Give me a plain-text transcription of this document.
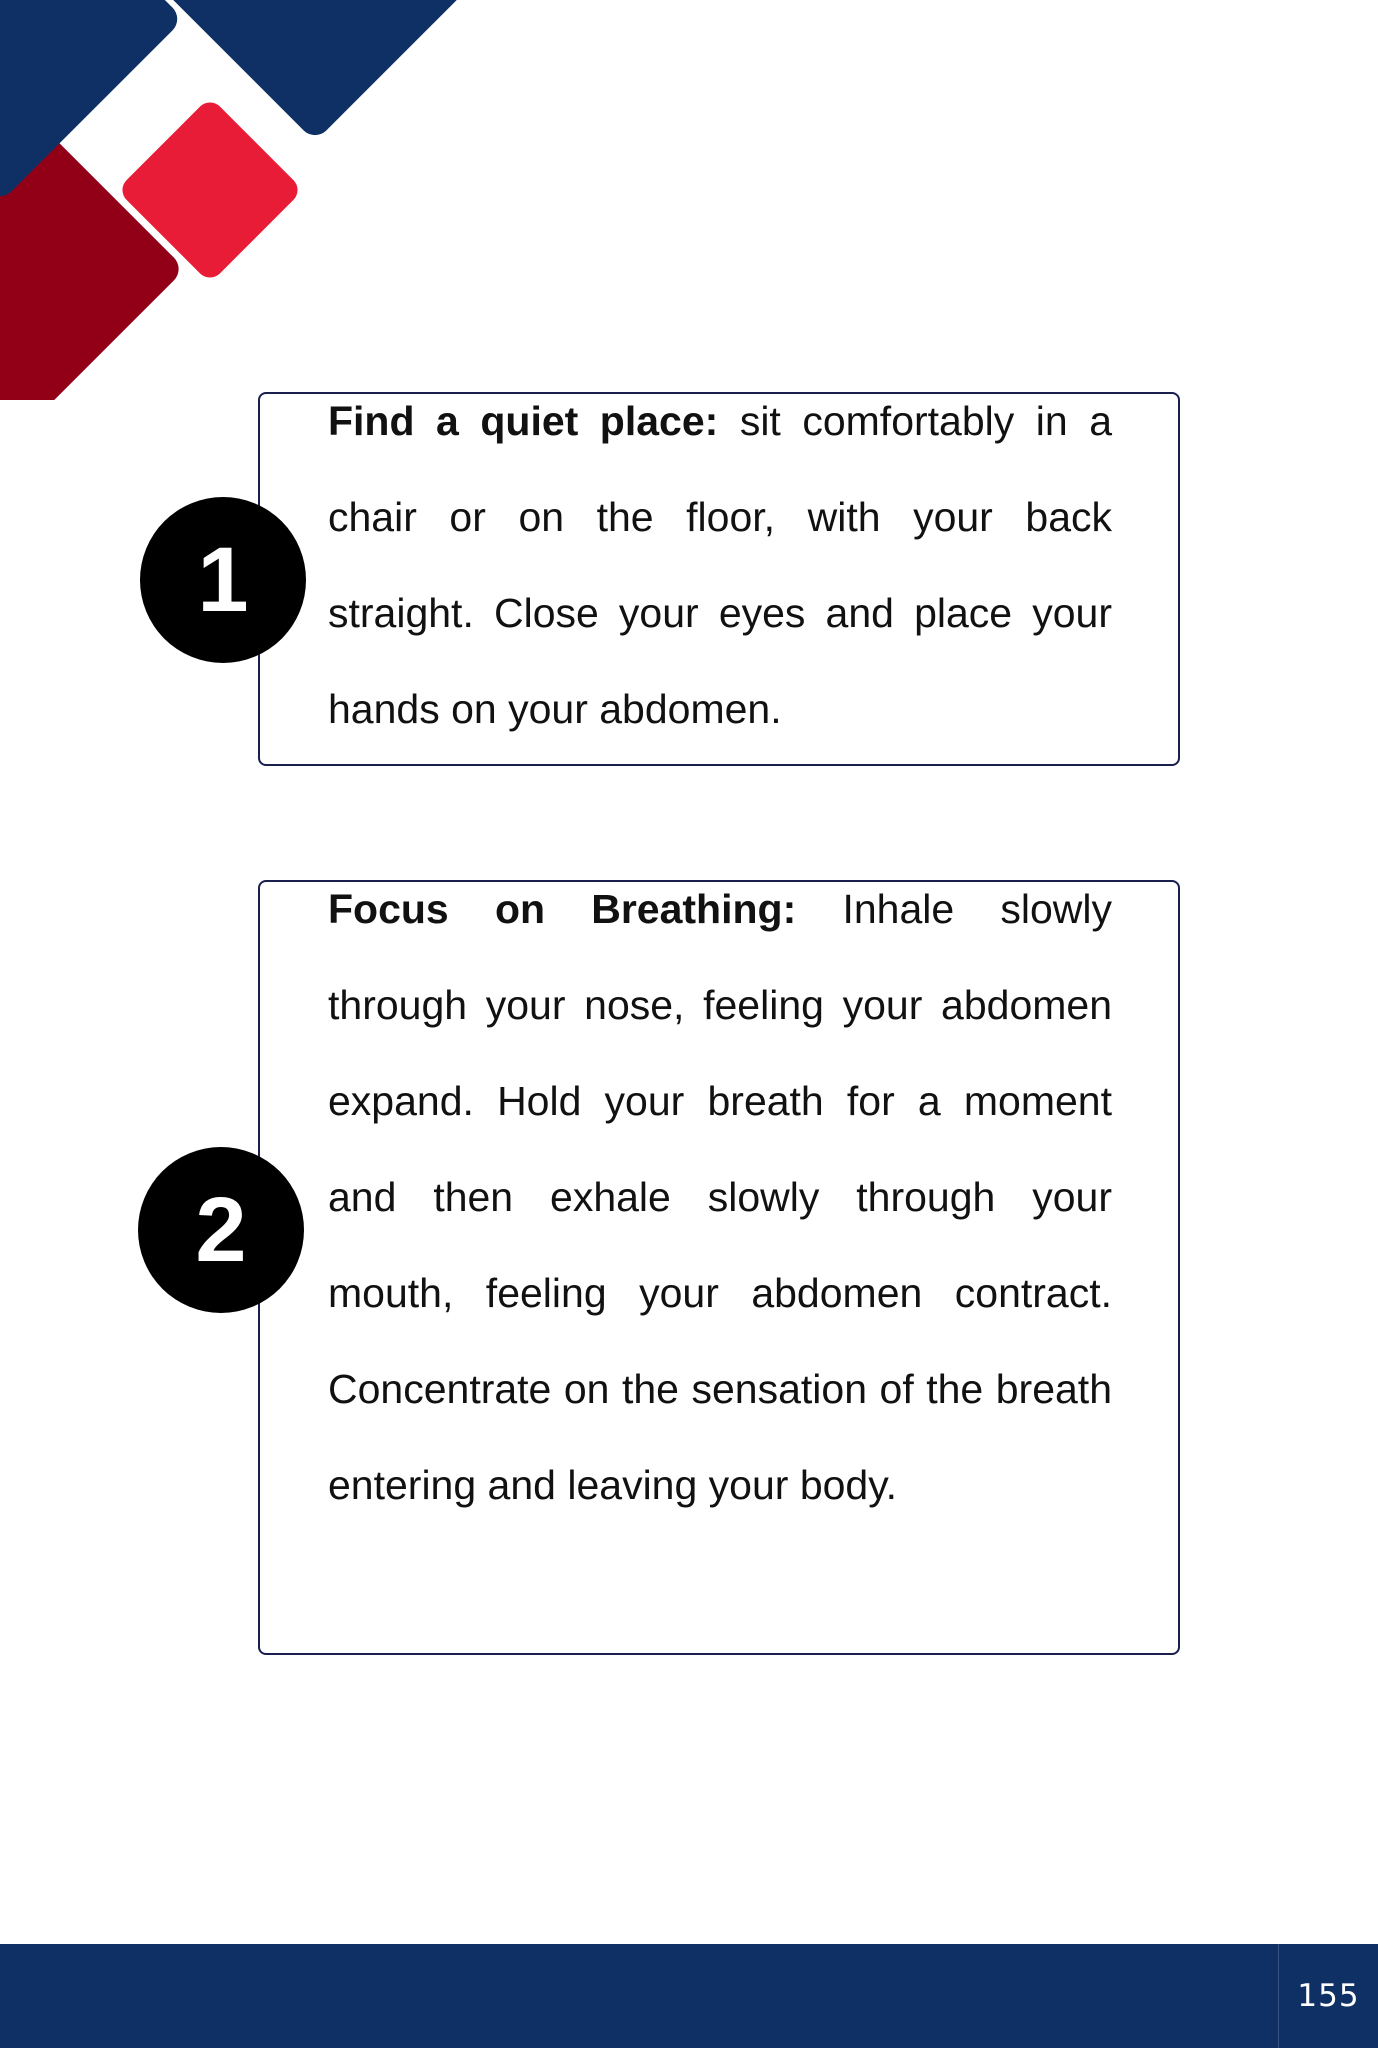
Find a quiet place: sit comfortably in a chair or on the floor, with your back straight. Close your eyes and place your hands on your abdomen.

1

Focus on Breathing: Inhale slowly through your nose, feeling your abdomen expand. Hold your breath for a moment and then exhale slowly through your mouth, feeling your abdomen contract. Concentrate on the sensation of the breath entering and leaving your body.

2
155
